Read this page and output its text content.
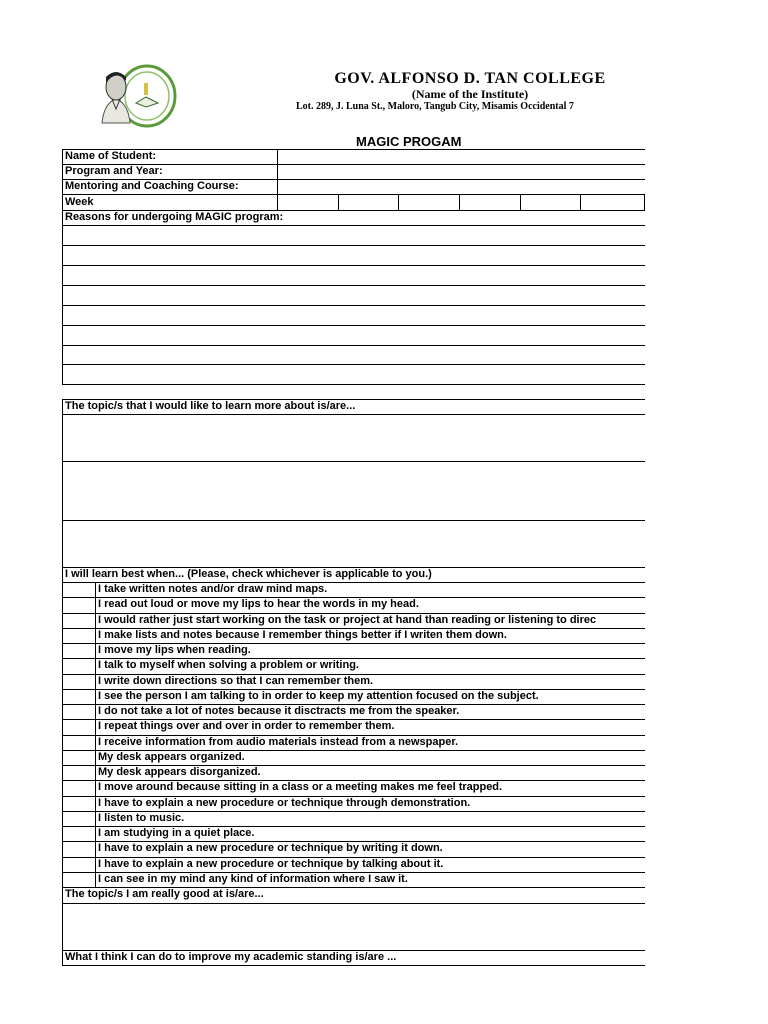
GOV. ALFONSO D. TAN COLLEGE
(Name of the Institute)
Lot. 289, J. Luna St., Maloro, Tangub City, Misamis Occidental 7
MAGIC PROGAM
Name of Student:
Program and Year:
Mentoring and Coaching Course:
Week
Reasons for undergoing MAGIC program:
The topic/s that I would like to learn more about is/are...
I will learn best when... (Please, check whichever is applicable to you.)
I take written notes and/or draw mind maps.
I read out loud or move my lips to hear the words in my head.
I would rather just start working on the task or project at hand than reading or listening to direc
I make lists and notes because I remember things better if I writen them down.
I move my lips when reading.
I talk to myself when solving a problem or writing.
I write down directions so that I can remember them.
I see the person I am talking to in order to keep my attention focused on the subject.
I do not take a lot of notes because it disctracts me from the speaker.
I repeat things over and over in order to remember them.
I receive information from audio materials instead from a newspaper.
My desk appears organized.
My desk appears disorganized.
I move around because sitting in a class or a meeting makes me feel trapped.
I have to explain a new procedure or technique through demonstration.
I listen to music.
I am studying in a quiet place.
I have to explain a new procedure or technique by writing it down.
I have to explain a new procedure or technique by talking about it.
I can see in my mind any kind of information where I saw it.
The topic/s I am really good at is/are...
What I think I can do to improve my academic standing is/are ...
